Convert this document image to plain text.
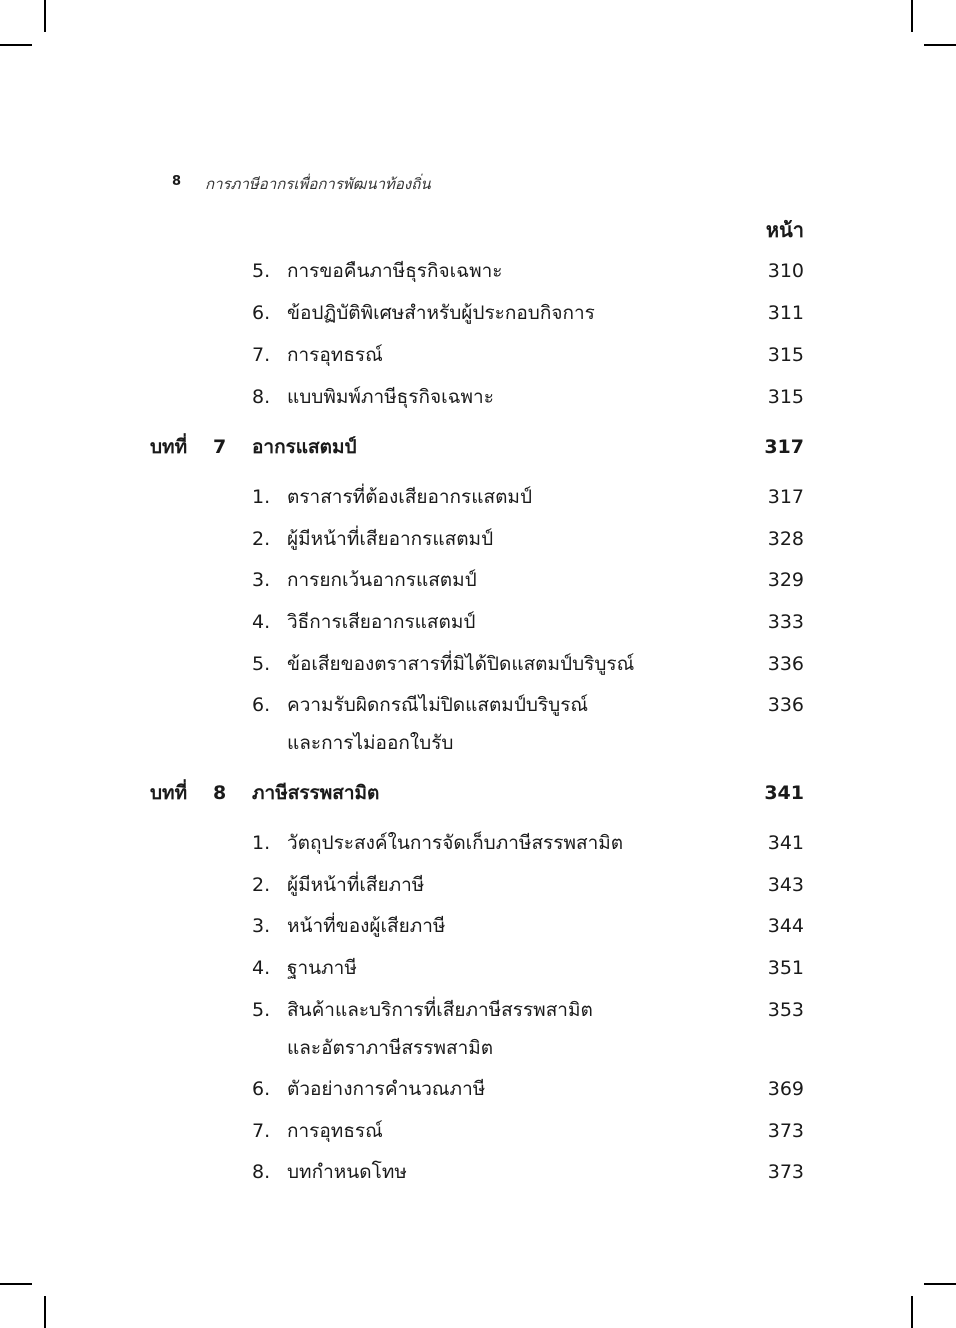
8 การภาษีอากรเพื่อการพัฒนาท้องถิ่น
หน้า
5. การขอคืนภาษีธุรกิจเฉพาะ	310
6. ข้อปฏิบัติพิเศษสำหรับผู้ประกอบกิจการ	311
7. การอุทธรณ์	315
8. แบบพิมพ์ภาษีธุรกิจเฉพาะ	315
บทที่ 7 อากรแสตมป์	317
1. ตราสารที่ต้องเสียอากรแสตมป์	317
2. ผู้มีหน้าที่เสียอากรแสตมป์	328
3. การยกเว้นอากรแสตมป์	329
4. วิธีการเสียอากรแสตมป์	333
5. ข้อเสียของตราสารที่มิได้ปิดแสตมป์บริบูรณ์	336
6. ความรับผิดกรณีไม่ปิดแสตมป์บริบูรณ์	336
และการไม่ออกใบรับ
บทที่ 8 ภาษีสรรพสามิต	341
1. วัตถุประสงค์ในการจัดเก็บภาษีสรรพสามิต	341
2. ผู้มีหน้าที่เสียภาษี	343
3. หน้าที่ของผู้เสียภาษี	344
4. ฐานภาษี	351
5. สินค้าและบริการที่เสียภาษีสรรพสามิต	353
และอัตราภาษีสรรพสามิต
6. ตัวอย่างการคำนวณภาษี	369
7. การอุทธรณ์	373
8. บทกำหนดโทษ	373
